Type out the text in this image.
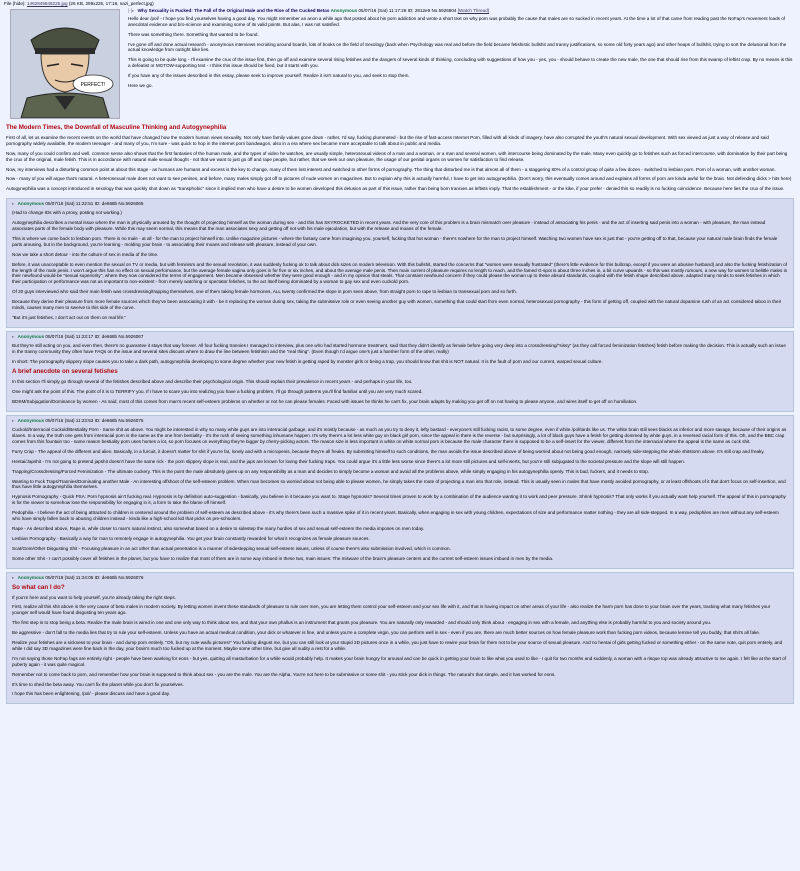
File (hide): 1462845848225.jpg (26 KB, 299x225, 17:18, nazi_perfect.jpg)
PERFECT!
[-]▸ Why Sexuality is Fucked: The Fall of the Original Male and the Rise of the Cucked Betas Anonymous 05/07/16 (Sat) 11:17:28 ID: 2812e9 No.5926804 [Watch Thread]

Hello dear /pol/ - I hope you find yourselves having a good day. You might remember an anon a while ago that posted about his porn addiction and wrote a short text on why porn was probably the cause that males are so sucked in recent years. At the time a lot of that came from reading past the NoFap's movement loads of anecdotal evidence and bro-science and examining some of its valid points. But alas, I was not satisfied.

There was something there. Something that wanted to be found.

I've gone off and done actual research - anonymous interviews recruiting around boards, lots of books on the field of Sexology (back when Psychology was real and before the field became fetishistic bullshit and tranny justifications, so some old forty years ago) and other heaps of bullshit, trying to sort the delusional from the actual knowledge from outright kike lies.

This is going to be quite long - I'll examine the crux of the issue first, then go off and examine several rising fetishes and the dangers of several kinds of thinking, concluding with suggestions of how you - yes, you - should behave to create the new male, the one that should rise from this swamp of leftist crap. By no means is this a defeatist or MGTOW-supporting text - I think this issue should be fixed, but it starts with you.

If you have any of the issues described in this essay, please seek to improve yourself. Realize it isn't natural to you, and seek to stop them.

Here we go.

The Modern Times, the Downfall of Masculine Thinking and Autogynephilia

First of all, let us examine the recent events on the world that have changed how the modern human views sexuality. Not only have family values gone down - rather, I'd say, fucking plummeted - but the rise of fast-access Internet Porn, filled with all kinds of imagery, have also corrupted the youth's natural sexual development. With sex viewed as just a way of release and said pornography widely available, the modern teenager - and many of you, I'm sure - was quick to hop in the internet porn bandwagon, also in a era where sex became more acceptable to talk about in public and media.

Now, many of you could confirm and well, common sense also shows that the first fantasies of the human male, and the types of video he watches, are usually simple, heterosexual videos of a man and a woman, or a man and several women, with intercourse being dominated by the male. Many even quickly go to fetishes such as forced intercourse, with domination by their part being the crux of the original, male fetish. This is in accordance with natural male sexual thought - not that we want to just go off and rape people, but rather, that we seek our own pleasure, the usage of our genital organs on women for satisfaction to find release.

Now, my interviews had a disturbing common point at about this stage - as humans are humans and excess is the key to change, many of them lost interest and switched to other forms of pornography. The thing that disturbed me is that almost all of them - a staggering 80% of a control group of quite a few dozen - switched to lesbian porn. Porn of a woman, with another woman.

Now - many of you will argue that's natural. A heterosexual male does not want to see penises, and before, many males simply got off to pictures of nude women on magazines. But to explain why this is actually harmful, I have to get into autogynephilia. (Don't worry, this eventually comes around and explains all forms of porn are kinda awful for the brain. Not defending dicks > hits here)

Autogynephilia was a concept introduced in sexology that was quickly shot down as "transphobic" since it implied men who have a desire to be women developed this delusion as part of this issue, rather than being born trannies as leftists imply. That the establishment - or the kike, if your prefer - denied this so readily is no fucking coincidence. Because here lies the crux of the issue.

▸ Anonymous 05/07/16 (Sat) 11:22:51 ID: de668b No.5926065

(Had to change IDs with a proxy, posting not working.)

Autogynephilia describes a mental issue where the man is physically aroused by the thought of projecting himself as the woman during sex - and this has SKYROCKETED in recent years. And the very core of this problem is a brain mismatch over pleasure - instead of associating his penis - and the act of inserting said penis into a woman - with pleasure, the man instead associates parts of the female body with pleasure. While this may seem normal, this means that the man associates sexy and getting off not with his male ejaculation, but with the release and moans of the female.

This is where we come back to lesbian porn. There is no male - at all - for the man to project himself into. Unlike magazine pictures - where the fantasy came from imagining you, yourself, fucking that hot woman - there's nowhere for the man to project himself. Watching two women have sex is just that - you're getting off to that, because your natural male brain finds the female parts arousing, but in the background, you're learning - molding your brain - to associating their moans and release with pleasure, instead of your own.

Now we take a short detour - into the culture of sex in media of the time.

Before, it was unacceptable to even mention the sexual on TV or media, but with feminism and the sexual revolution, it was suddenly fucking ok to talk about dick sizes on modern television. With this bullshit, started the concerns that "women were sexually frustrated" (there's little evidence for this bullcrap, except if you were an abusive husband) and also the fucking fetishization of the length of the male penis. I won't argue this has no effect on sexual performance, but the average female vagina only goes in for five or six inches, and about the average male penis. Then main current of pleasure requires no length to reach, and the famed G-spot is about three inches in, a bit curve upwards - so this was mostly rumours, a new way for women to belittle males in their newfound would-be "sexual superiority", where they now considered the terms of engagement. Men became obsessed whether they were good enough - and in my opinion that steals. That constant newfound concern if they could please the woman up to these absurd standards, coupled with the fetish shape described above, adapted many minds to seek fetishes in which their participation or performance was not as important to non-existent - from merely watching or spectator fetishes, to the act itself being dominated by a woman to gay sex and even cuckold porn.

Of 20 guys interviewed who said their main fetish was crossdressing/trapping themselves, one of them taking female hormones, ALL twenty confirmed the slope in porn seen above, from straight porn to rape to lesbian to transexual porn and so forth.

Because they derive their pleasure from more female sources which they've been associating it with - be it replacing the woman during sex, taking the submissive role or even seeing another guy with women, something that could start from even normal, heterosexual pornography - this form of getting off, coupled with the natural dopamine rush of an act considered taboo in their minds, causes many men to swerve to this side of the curve.

"But it's just fetishes, I don't act out on them on real life."

▸ Anonymous 05/07/16 (Sat) 11:23:17 ID: de668b No.5926067

But they're still acting on you, and even then, there's no guarantee it stays that way forever. All four fucking trannies I managed to interview, plus one who had started hormone treatment, said that they didn't identify as female before going very deep into a crossdressing/"sissy" (as they call forced feminization fetishes) fetish before making the decision. This is actually such an issue in the tranny community they often have FAQs on the issue and several sites discuss where to draw the line between fetishism and the "real thing". (Even though I'd argue one's just a harsher form of the other, really)

In short: The pornography slippery slope causes you to take a dark path, autogynephilia developing to some degree whether your new fetish is getting raped by monster girls or being a trap, you should know that shit is NOT natural. It is the fault of porn and our current, warped sexual culture.

A brief anecdote on several fetishes

In this section I'll simply go through several of the fetishes described above and describe their psychological origin. This should explain their prevalence in recent years - and perhaps in your life, too.

One might ask the point of this. The point of it is to TERRIFY you. If I have to scare you into realizing you have a fucking problem, I'll go through patterns you'll find familiar until you are very much scared.

BDSM/Subjugation/Dominance by women - As said, most of this comes from man's recent self-esteem problems on whether or not he can please females. Faced with issues he thinks he can't fix, your brain adapts by making you get off on not having to please anyone, and wires itself to get off on humiliation.

▸ Anonymous 05/07/16 (Sat) 11:23:53 ID: de668b No.5926075

Cuckold/Interracial Cuckold/Bestiality Porn - Same shit as above. You might be interested in why so many white guys are into interracial garbage, and it's mostly because - as much as you try to deny it, lefty bastard - everyone's still fucking racist, to some degree, even if white /pol/tards like us. The white brain still sees blacks as inferior and more savage, because of their origins as slaves. In a way, the truth one gets from interracial porn is the same as the one from bestiality - it's the rush of seeing something inhumane happen. It's why there's a lot less white guy on black girl porn, since the appeal in there is the reverse - but surprisingly, a lot of black guys have a fetish for getting dommed by white guys, in a reversed racial form of this. Oh, and the BBC crap comes from this fountain too - same reason bestiality porn uses horses a lot, so porn focuses on everything they're bigger by cherry-picking actors. The reason size is less important in white on white normal porn is because the male character there is supposed to be a self-insert for the viewer, different from the interracial where the appeal is the same as cuck shit.

Furry Crap - The appeal of the different and alien. Basically, in a furcuit, it doesn't matter for shit if you're fat, lonely and with a micropenis, because they're all freaks. By submitting himself to such conditions, the man avoids the issue described above of being worried about not being good enough, narrowly side-stepping the whole shitstorm above. It's still crap and freaky.

Hentai/Japshit - I'm not going to pretend japshit doesn't have the same rick - the porn slippery slope is real, and the japs are known for loving their fucking traps. You could argue it's a little less worse since there's a lot more still pictures and self-inserts, but you're still subjugated to the societal pressure and the slope will still happen.

Trapping/Crossdressing/Forced Feminization - The ultimate cuckery. This is the point the male absolutely gives up on any responsibility as a man and decides to simply become a woman and avoid all the problems above, while simply engaging in his autogynephilia openly. This is bad, fuckers, and it needs to stop.

Wanting to Fuck Traps/Trannies/Dominating another Male - An interesting offshoot of the self-esteem problem. When man becomes so worried about not being able to please women, he simply takes the route of projecting a man into that role, instead. This is usually seen in males that have mostly avoided pornography, or at least offshoots of it that don't focus on self-insertion, and thus have little autogynephilia themselves.

Hypnosis Pornography - Quick PSA: Porn hypnosis ain't fucking real. Hypnosis is by definition auto-suggestion - basically, you believe in it because you want to. Stage hypnosis? Several times proven to work by a combination of the audience wanting it to work and peer pressure. Shrink hypnosis? That only works if you actually want help yourself. The appeal of this in pornography is for the viewer to somehow lose the responsibility for engaging in it, a form to take the blame off himself.

Pedophilia - I believe the act of being attracted to children is centered around the problem of self-esteem as described above - it's why there's been such a massive spike of it in recent years. Basically, when engaging in sex with young children, expectations of size and performance matter nothing - they are all side-stepped. In a way, pedophiles are men without any self-esteem who have simply fallen back to abusing children instead - kinda like a high-school kid that picks on pre-schoolers.

Rape - As described above, Rape is, while closer to man's natural instinct, also somewhat based on a desire to sidestep the many hurdles of sex and sexual self-esteem the media imposes on men today.

Lesbian Pornography - Basically a way for man to remotely engage in autogynephilia. You get your brain constantly rewarded for what it recognizes as female pleasure sources.

Scat/Gore/Other Disgusting Shit - Focusing pleasure in an act other than actual penetration is a manner of sidestepping sexual self-esteem issues, unless of course there's also submission involved, which is common.

Some other Shit - I can't possibly cover all fetishes in the planet, but you have to realize that most of them are in some way imbued in these two, main issues: The misware of the brain's pleasure centers and the current self-esteem issues imbued in men by the media.

▸ Anonymous 05/07/16 (Sat) 11:24:05 ID: de668b No.5926076
So what can I do?

If you're here and you want to help yourself, you're already taking the right steps.

First, realize all this shit above is the very cause of beta males in modern society. By letting women invent these standards of pleasure to rule over men, you are letting them control your self-esteem and your sex life with it, and that is having impact on other areas of your life - also realize the harm porn has done to your brain over the years, tracking what many fetishes your younger self would have found disgusting ten years ago.

The first step is to stop being a beta. Realize the male brain is wired in one and one only way to think about sex, and that your own phallus is an instrument that grants you pleasure. You are naturally only rewarded - and should only think about - engaging in sex with a female, and anything else is probably harmful to you and society around you.

Be aggressive - don't fall to the media lies that try to rule your self-esteem. Unless you have an actual medical condition, your dick or whatever is fine, and unless you're a complete virgin, you can perform well in sex - even if you are, there are much better sources on how female pleasure work than fucking porn videos, because lemme tell you buddy, that shit's all fake.

Realize your fetishes are a sickness to your brain - and dump porn entirely. "Oh, but my cute waifu pictures!" You fucking disgust me, but you can still look at your stupid 2D pictures once in a while, you just have to rewire your brain for them not to be your source of sexual pleasure. And no hentai of girls getting fucked or something either - on the same note, quit porn entirely, and while I did say 3D magazines were fine back in the day, your brain's much too fucked up at the moment. Maybe some other time, but give all nudity a rest for a while.

I'm not saying those NoFap fags are entirely right - people have been wanking for eons - but yes, quitting all masturbation for a while would probably help. It makes your brain hungry for arousal and can be quick in getting your brain to like what you used to like - I quit for two months and suddenly, a woman with a risque top was already attractive to me again. I felt like at the start of puberty again - it was quite magical.

Remember not to come back to porn, and remember how your brain is supposed to think about sex - you are the male. You are the Alpha. You're not here to be submissive or some shit - you stick your dick in things. The natural's that simple, and it has worked for eons.

It's time to shed the beta away. You can't fix the planet while you don't fix yourselves.

I hope this has been enlightening, /pol/ - please discuss and have a good day.
